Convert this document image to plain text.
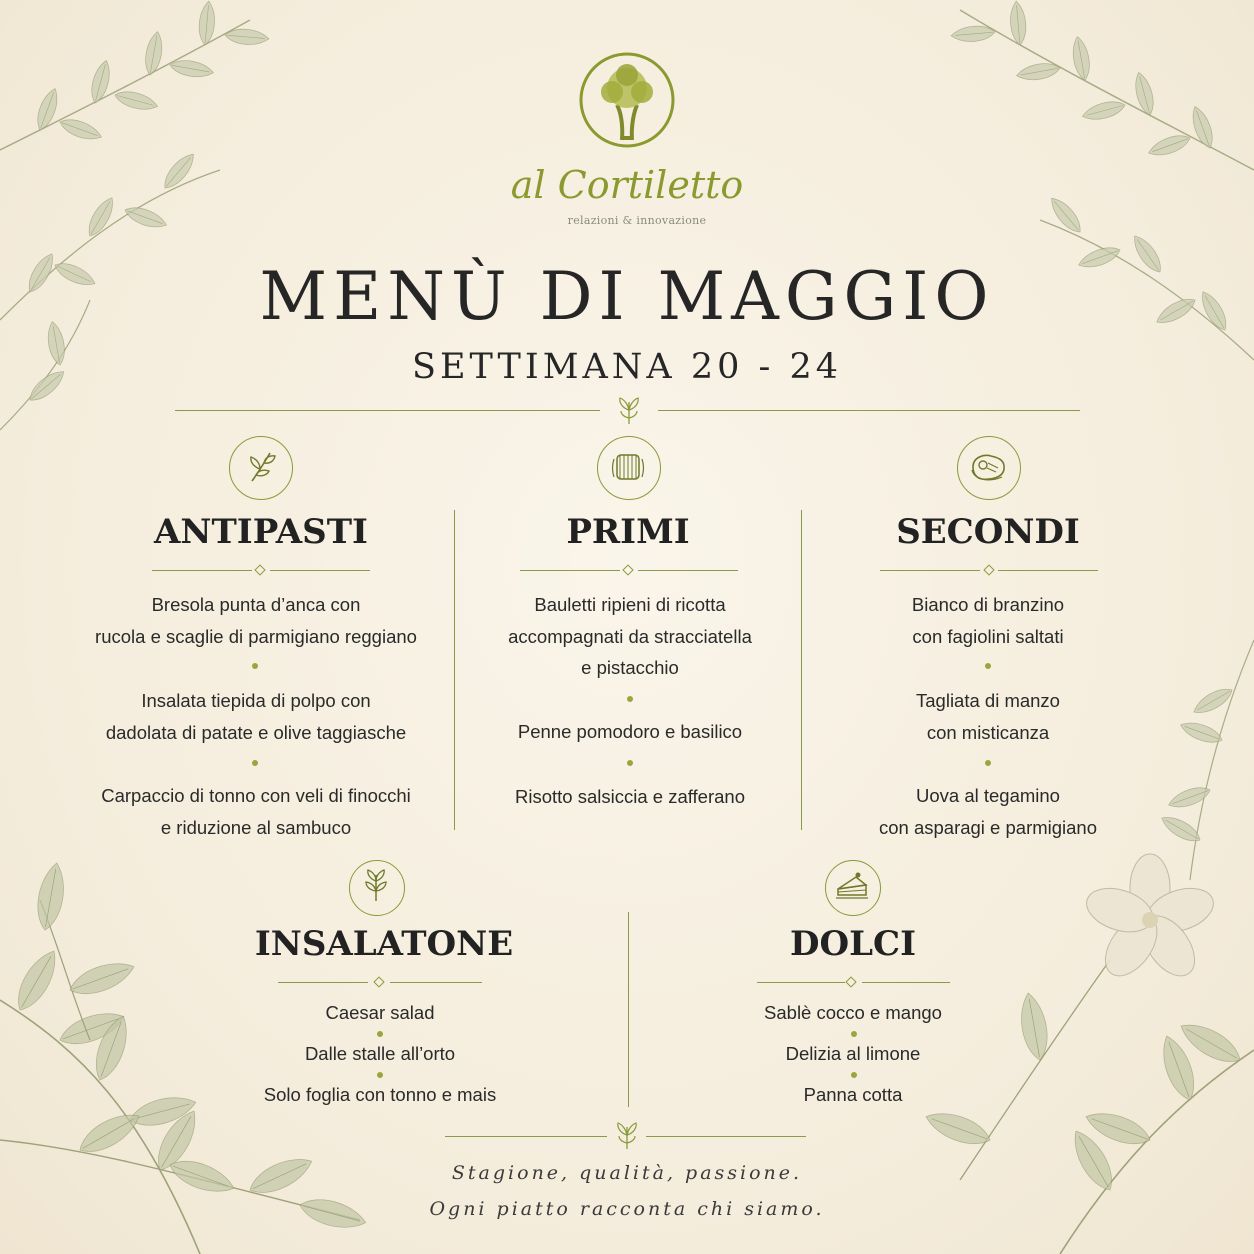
al Cortiletto
relazioni & innovazione
MENÙ DI MAGGIO
SETTIMANA 20 - 24
ANTIPASTI
Bresola punta d’anca con
rucola e scaglie di parmigiano reggiano
Insalata tiepida di polpo con
dadolata di patate e olive taggiasche
Carpaccio di tonno con veli di finocchi
e riduzione al sambuco
PRIMI
Bauletti ripieni di ricotta
accompagnati da stracciatella
e pistacchio
Penne pomodoro e basilico
Risotto salsiccia e zafferano
SECONDI
Bianco di branzino
con fagiolini saltati
Tagliata di manzo
con misticanza
Uova al tegamino
con asparagi e parmigiano
INSALATONE
Caesar salad
Dalle stalle all’orto
Solo foglia con tonno e mais
DOLCI
Sablè cocco e mango
Delizia al limone
Panna cotta
Stagione, qualità, passione.
Ogni piatto racconta chi siamo.
